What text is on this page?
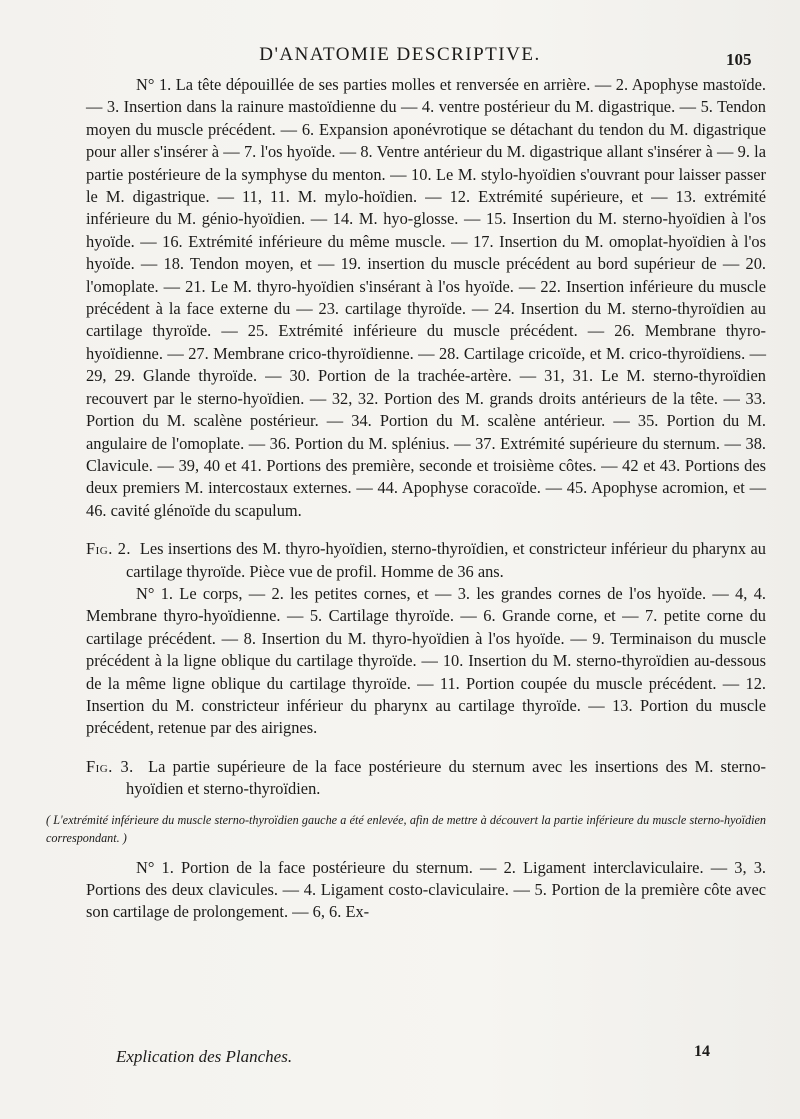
D'ANATOMIE DESCRIPTIVE.	105

N° 1. La tête dépouillée de ses parties molles et renversée en arrière. — 2. Apophyse mastoïde. — 3. Insertion dans la rainure mastoïdienne du — 4. ventre postérieur du M. digastrique. — 5. Tendon moyen du muscle précédent. — 6. Expansion aponévrotique se détachant du tendon du M. digastrique pour aller s'insérer à — 7. l'os hyoïde. — 8. Ventre antérieur du M. digastrique allant s'insérer à — 9. la partie postérieure de la symphyse du menton. — 10. Le M. stylo-hyoïdien s'ouvrant pour laisser passer le M. digastrique. — 11, 11. M. mylo-hoïdien. — 12. Extrémité supérieure, et — 13. extrémité inférieure du M. génio-hyoïdien. — 14. M. hyo-glosse. — 15. Insertion du M. sterno-hyoïdien à l'os hyoïde. — 16. Extrémité inférieure du même muscle. — 17. Insertion du M. omoplat-hyoïdien à l'os hyoïde. — 18. Tendon moyen, et — 19. insertion du muscle précédent au bord supérieur de — 20. l'omoplate. — 21. Le M. thyro-hyoïdien s'insérant à l'os hyoïde. — 22. Insertion inférieure du muscle précédent à la face externe du — 23. cartilage thyroïde. — 24. Insertion du M. sterno-thyroïdien au cartilage thyroïde. — 25. Extrémité inférieure du muscle précédent. — 26. Membrane thyro-hyoïdienne. — 27. Membrane crico-thyroïdienne. — 28. Cartilage cricoïde, et M. crico-thyroïdiens. — 29, 29. Glande thyroïde. — 30. Portion de la trachée-artère. — 31, 31. Le M. sterno-thyroïdien recouvert par le sterno-hyoïdien. — 32, 32. Portion des M. grands droits antérieurs de la tête. — 33. Portion du M. scalène postérieur. — 34. Portion du M. scalène antérieur. — 35. Portion du M. angulaire de l'omoplate. — 36. Portion du M. splénius. — 37. Extrémité supérieure du sternum. — 38. Clavicule. — 39, 40 et 41. Portions des première, seconde et troisième côtes. — 42 et 43. Portions des deux premiers M. intercostaux externes. — 44. Apophyse coracoïde. — 45. Apophyse acromion, et — 46. cavité glénoïde du scapulum.

Fig. 2. Les insertions des M. thyro-hyoïdien, sterno-thyroïdien, et constricteur inférieur du pharynx au cartilage thyroïde. Pièce vue de profil. Homme de 36 ans.

N° 1. Le corps, — 2. les petites cornes, et — 3. les grandes cornes de l'os hyoïde. — 4, 4. Membrane thyro-hyoïdienne. — 5. Cartilage thyroïde. — 6. Grande corne, et — 7. petite corne du cartilage précédent. — 8. Insertion du M. thyro-hyoïdien à l'os hyoïde. — 9. Terminaison du muscle précédent à la ligne oblique du cartilage thyroïde. — 10. Insertion du M. sterno-thyroïdien au-dessous de la même ligne oblique du cartilage thyroïde. — 11. Portion coupée du muscle précédent. — 12. Insertion du M. constricteur inférieur du pharynx au cartilage thyroïde. — 13. Portion du muscle précédent, retenue par des airignes.

Fig. 3. La partie supérieure de la face postérieure du sternum avec les insertions des M. sterno-hyoïdien et sterno-thyroïdien.

( L'extrémité inférieure du muscle sterno-thyroïdien gauche a été enlevée, afin de mettre à découvert la partie inférieure du muscle sterno-hyoïdien correspondant. )

N° 1. Portion de la face postérieure du sternum. — 2. Ligament interclaviculaire. — 3, 3. Portions des deux clavicules. — 4. Ligament costo-claviculaire. — 5. Portion de la première côte avec son cartilage de prolongement. — 6, 6. Ex-

Explication des Planches.	14
